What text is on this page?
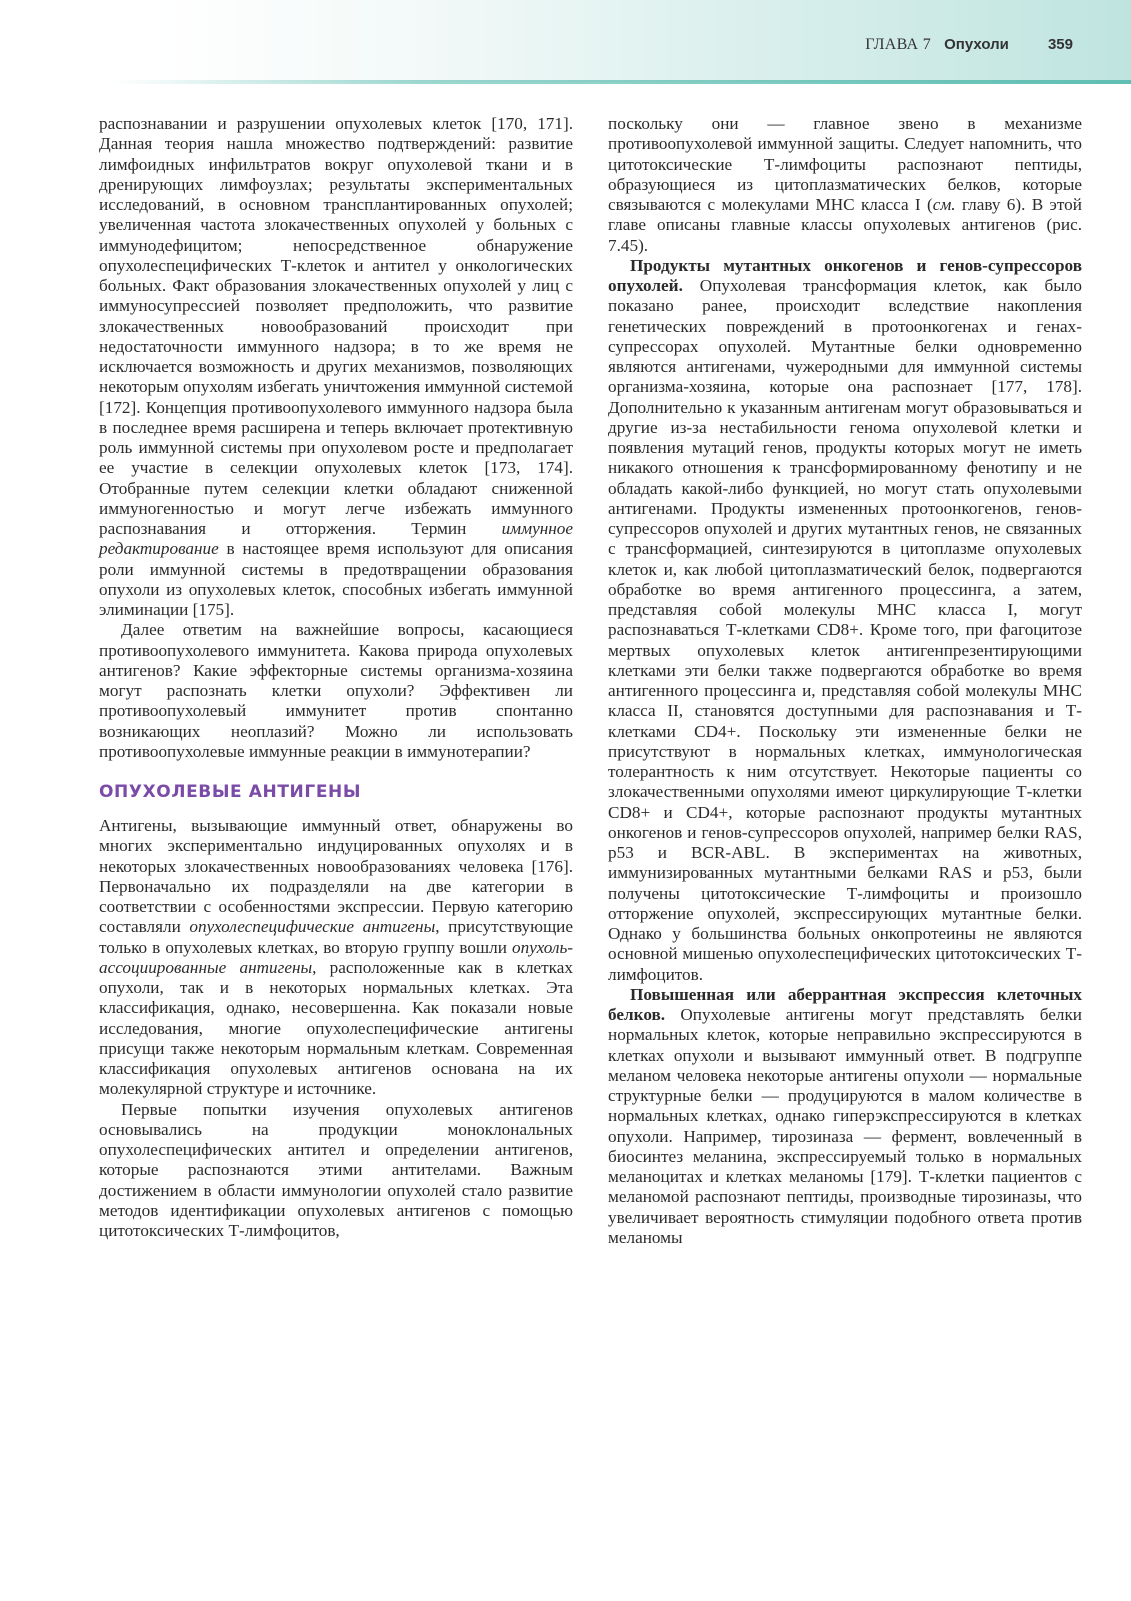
ГЛАВА 7 Опухоли	359

распознавании и разрушении опухолевых клеток [170, 171]. Данная теория нашла множество подтверждений: развитие лимфоидных инфильтратов вокруг опухолевой ткани и в дренирующих лимфоузлах; результаты экспериментальных исследований, в основном трансплантированных опухолей; увеличенная частота злокачественных опухолей у больных с иммунодефицитом; непосредственное обнаружение опухолеспецифических Т-клеток и антител у онкологических больных. Факт образования злокачественных опухолей у лиц с иммуносупрессией позволяет предположить, что развитие злокачественных новообразований происходит при недостаточности иммунного надзора; в то же время не исключается возможность и других механизмов, позволяющих некоторым опухолям избегать уничтожения иммунной системой [172]. Концепция противоопухолевого иммунного надзора была в последнее время расширена и теперь включает протективную роль иммунной системы при опухолевом росте и предполагает ее участие в селекции опухолевых клеток [173, 174]. Отобранные путем селекции клетки обладают сниженной иммуногенностью и могут легче избежать иммунного распознавания и отторжения. Термин иммунное редактирование в настоящее время используют для описания роли иммунной системы в предотвращении образования опухоли из опухолевых клеток, способных избегать иммунной элиминации [175].

Далее ответим на важнейшие вопросы, касающиеся противоопухолевого иммунитета. Какова природа опухолевых антигенов? Какие эффекторные системы организма-хозяина могут распознать клетки опухоли? Эффективен ли противоопухолевый иммунитет против спонтанно возникающих неоплазий? Можно ли использовать противоопухолевые иммунные реакции в иммунотерапии?

ОПУХОЛЕВЫЕ АНТИГЕНЫ

Антигены, вызывающие иммунный ответ, обнаружены во многих экспериментально индуцированных опухолях и в некоторых злокачественных новообразованиях человека [176]. Первоначально их подразделяли на две категории в соответствии с особенностями экспрессии. Первую категорию составляли опухолеспецифические антигены, присутствующие только в опухолевых клетках, во вторую группу вошли опухоль-ассоциированные антигены, расположенные как в клетках опухоли, так и в некоторых нормальных клетках. Эта классификация, однако, несовершенна. Как показали новые исследования, многие опухолеспецифические антигены присущи также некоторым нормальным клеткам. Современная классификация опухолевых антигенов основана на их молекулярной структуре и источнике.

Первые попытки изучения опухолевых антигенов основывались на продукции моноклональных опухолеспецифических антител и определении антигенов, которые распознаются этими антителами. Важным достижением в области иммунологии опухолей стало развитие методов идентификации опухолевых антигенов с помощью цитотоксических Т-лимфоцитов,

поскольку они — главное звено в механизме противоопухолевой иммунной защиты. Следует напомнить, что цитотоксические Т-лимфоциты распознают пептиды, образующиеся из цитоплазматических белков, которые связываются с молекулами МНС класса I (см. главу 6). В этой главе описаны главные классы опухолевых антигенов (рис. 7.45).

Продукты мутантных онкогенов и генов-супрессоров опухолей. Опухолевая трансформация клеток, как было показано ранее, происходит вследствие накопления генетических повреждений в протоонкогенах и генах-супрессорах опухолей. Мутантные белки одновременно являются антигенами, чужеродными для иммунной системы организма-хозяина, которые она распознает [177, 178]. Дополнительно к указанным антигенам могут образовываться и другие из-за нестабильности генома опухолевой клетки и появления мутаций генов, продукты которых могут не иметь никакого отношения к трансформированному фенотипу и не обладать какой-либо функцией, но могут стать опухолевыми антигенами. Продукты измененных протоонкогенов, генов-супрессоров опухолей и других мутантных генов, не связанных с трансформацией, синтезируются в цитоплазме опухолевых клеток и, как любой цитоплазматический белок, подвергаются обработке во время антигенного процессинга, а затем, представляя собой молекулы МНС класса I, могут распознаваться Т-клетками CD8+. Кроме того, при фагоцитозе мертвых опухолевых клеток антигенпрезентирующими клетками эти белки также подвергаются обработке во время антигенного процессинга и, представляя собой молекулы МНС класса II, становятся доступными для распознавания и Т-клетками CD4+. Поскольку эти измененные белки не присутствуют в нормальных клетках, иммунологическая толерантность к ним отсутствует. Некоторые пациенты со злокачественными опухолями имеют циркулирующие Т-клетки CD8+ и CD4+, которые распознают продукты мутантных онкогенов и генов-супрессоров опухолей, например белки RAS, p53 и BCR-ABL. В экспериментах на животных, иммунизированных мутантными белками RAS и p53, были получены цитотоксические Т-лимфоциты и произошло отторжение опухолей, экспрессирующих мутантные белки. Однако у большинства больных онкопротеины не являются основной мишенью опухолеспецифических цитотоксических Т-лимфоцитов.

Повышенная или аберрантная экспрессия клеточных белков. Опухолевые антигены могут представлять белки нормальных клеток, которые неправильно экспрессируются в клетках опухоли и вызывают иммунный ответ. В подгруппе меланом человека некоторые антигены опухоли — нормальные структурные белки — продуцируются в малом количестве в нормальных клетках, однако гиперэкспрессируются в клетках опухоли. Например, тирозиназа — фермент, вовлеченный в биосинтез меланина, экспрессируемый только в нормальных меланоцитах и клетках меланомы [179]. Т-клетки пациентов с меланомой распознают пептиды, производные тирозиназы, что увеличивает вероятность стимуляции подобного ответа против меланомы
